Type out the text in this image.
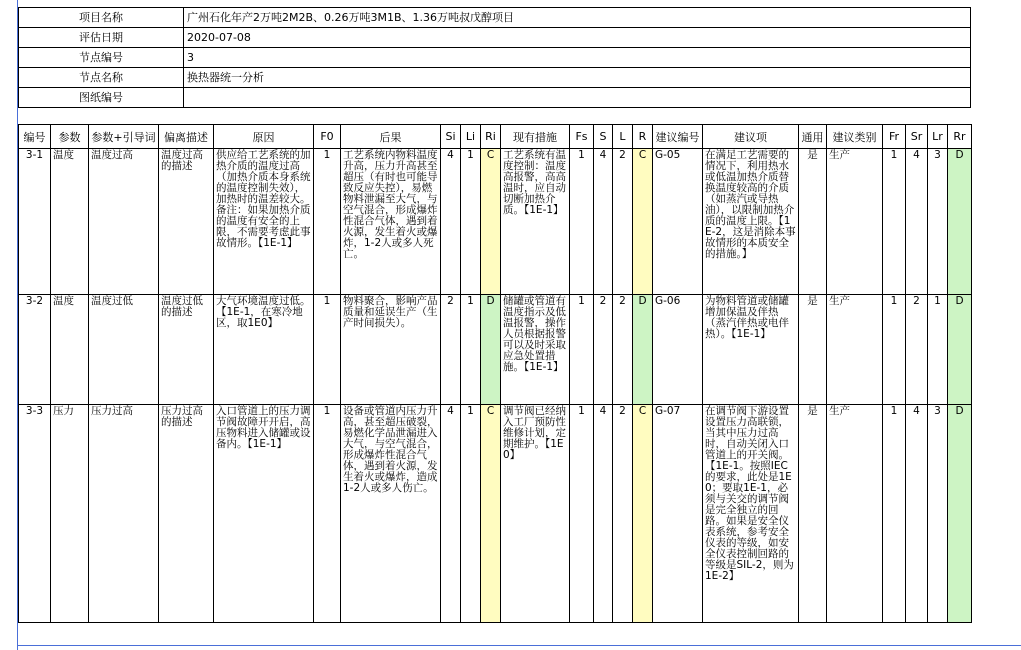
项目名称	广州石化年产2万吨2M2B、0.26万吨3M1B、1.36万吨叔戊醇项目
评估日期	2020-07-08
节点编号	3
节点名称	换热器统一分析
图纸编号	
编号	参数	参数+引导词	偏离描述	原因	F0	后果	Si	Li	Ri	现有措施	Fs	S	L	R	建议编号	建议项	通用	建议类别	Fr	Sr	Lr	Rr
3-1	温度	温度过高	温度过高的描述	供应给工艺系统的加热介质的温度过高（加热介质本身系统的温度控制失效），加热时的温差较大。备注：如果加热介质的温度有安全的上限，不需要考虑此事故情形。【1E-1】	1	工艺系统内物料温度升高，压力升高甚至超压（有时也可能导致反应失控），易燃物料泄漏至大气，与空气混合，形成爆炸性混合气体，遇到着火源，发生着火或爆炸，1-2人或多人死亡。	4	1	C	工艺系统有温度控制：温度高报警，高高温时，应自动切断加热介质。【1E-1】	1	4	2	C	G-05	在满足工艺需要的情况下，利用热水或低温加热介质替换温度较高的介质（如蒸汽或导热油），以限制加热介质的温度上限。【1E-2，这是消除本事故情形的本质安全的措施。】	是	生产	1	4	3	D
3-2	温度	温度过低	温度过低的描述	大气环境温度过低。【1E-1，在寒冷地区，取1E0】	1	物料聚合，影响产品质量和延误生产（生产时间损失）。	2	1	D	储罐或管道有温度指示及低温报警，操作人员根据报警可以及时采取应急处置措施。【1E-1】	1	2	2	D	G-06	为物料管道或储罐增加保温及伴热（蒸汽伴热或电伴热）。【1E-1】	是	生产	1	2	1	D
3-3	压力	压力过高	压力过高的描述	入口管道上的压力调节阀故障开开启，高压物料进入储罐或设备内。【1E-1】	1	设备或管道内压力升高，甚至超压破裂，易燃化学品泄漏进入大气，与空气混合，形成爆炸性混合气体，遇到着火源，发生着火或爆炸，造成1-2人或多人伤亡。	4	1	C	调节阀已经纳入工厂预防性维修计划，定期维护。【1E0】	1	4	2	C	G-07	在调节阀下游设置设置压力高联锁，当其中压力过高时，自动关闭入口管道上的开关阀。【1E-1。按照IEC的要求，此处是1E0；要取1E-1，必须与关交的调节阀是完全独立的回路。如果是安全仪表系统，参考安全仪表的等级，如安全仪表控制回路的等级是SIL-2，则为1E-2】	是	生产	1	4	3	D
